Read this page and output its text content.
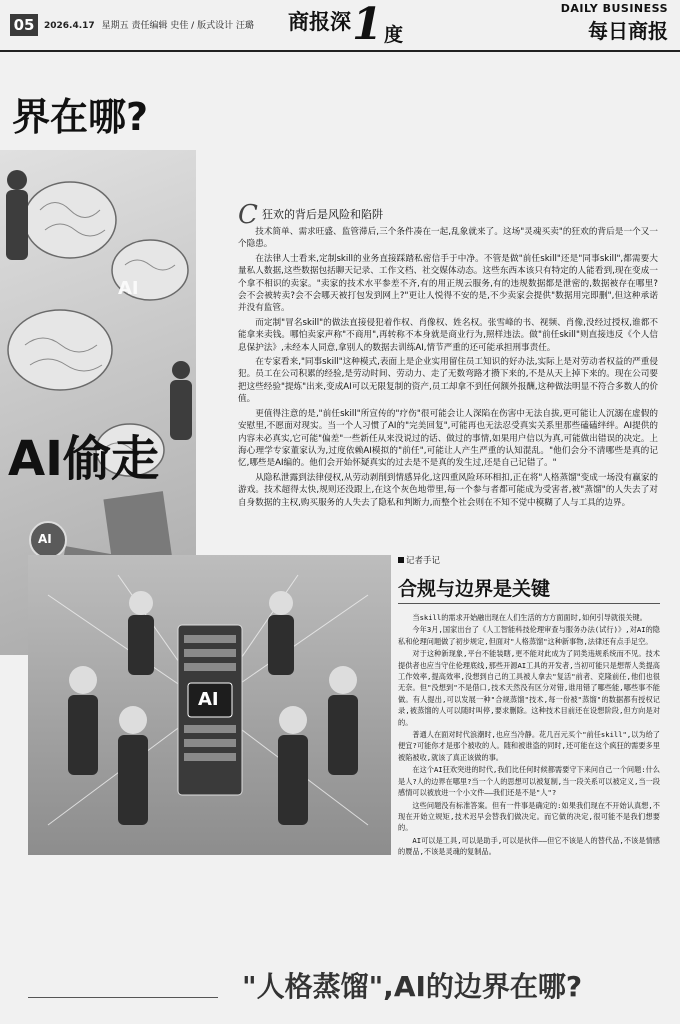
05	2026.4.17 星期五 责任编辑 史佳 / 版式设计 汪璐 商报深 1 度
DAILY BUSINESS
每日商报
界在哪?
AI
AI
AI偷走
AI
C 狂欢的背后是风险和陷阱

技术简单、需求旺盛、监管滞后,三个条件凑在一起,乱象就来了。这场"灵魂买卖"的狂欢的背后是一个又一个隐患。

在法律人士看来,定制skill的业务直接踩踏私密信手于中净。不管是做"前任skill"还是"同事skill",都需要大量私人数据,这些数据包括聊天记录、工作文档、社交媒体动态。这些东西本该只有特定的人能看到,现在变成一个拿不相识的卖家。"卖家的技术水平参差不齐,有的用正规云服务,有的违规数据都是泄密的,数据被存在哪里?会不会被转卖?会不会哪天被打包发到网上?"更让人悦得不安的是,不少卖家会提供"数据用完即删",但这种承诺并没有监管。

而定制"冒名skill"的做法直接侵犯着作权、肖像权、姓名权。张雪峰的书、视频、肖像,没经过授权,谁都不能拿来卖钱。哪怕卖家声称"不商用",再转称不本身就是商业行为,照样违法。做"前任skill"则直接违反《个人信息保护法》,未经本人同意,拿别人的数据去训练AI,情节严重的还可能承担刑事责任。

在专家看来,"同事skill"这种模式,表面上是企业实用留住员工知识的好办法,实际上是对劳动者权益的严重侵犯。员工在公司积累的经验,是劳动时间、劳动力、走了无数弯路才攒下来的,不是从天上掉下来的。现在公司要把这些经验"提炼"出来,变成AI可以无限复制的资产,员工却拿不到任何额外报酬,这种做法明显不符合多数人的价值。

更值得注意的是,"前任skill"所宣传的"疗伤"很可能会让人深陷在伤害中无法自拔,更可能让人沉溺在虚假的安慰里,不愿面对现实。当一个人习惯了AI的"完美回复",可能再也无法忍受真实关系里那些磕磕绊绊。AI提供的内容未必真实,它可能"偏差"一些新任从来没说过的话、做过的事情,如果用户信以为真,可能做出错误的决定。上海心理学专家董家认为,过度依赖AI模拟的"前任",可能让人产生严重的认知混乱。"他们会分不清哪些是真的记忆,哪些是AI编的。他们会开始怀疑真实的过去是不是真的发生过,还是自己记错了。"

从隐私泄露到法律侵权,从劳动剥削到情感异化,这四重风险环环相扣,正在将"人格蒸馏"变成一场没有赢家的游戏。技术超得太快,规则还没跟上,在这个灰色地带里,每一个参与者都可能成为受害者,被"蒸馏"的人失去了对自身数据的主权,购买服务的人失去了隐私和判断力,而整个社会则在不知不觉中模糊了人与工具的边界。

记者手记
合规与边界是关键

当skill的需求开始融出现在人们生活的方方面面时,如何引导就很关键。

今年3月,国家出台了《人工智能科技伦理审查与服务办法(试行)》,对AI的隐私和伦理问题做了初步规定,但面对"人格蒸馏"这种新事物,法律还有点手足空。

对于这种新现象,平台不能装瞎,更不能对此成为了同类违规系统而不见。技术提供者也应当守住伦理底线,那些开源AI工具的开发者,当初可能只是想帮人类提高工作效率,提高效率,没想到自己的工具被人拿去"复活"前者、克隆前任,他们也很无奈。但"没想到"不是借口,技术天然没有区分对错,谁用错了哪些能,哪些事不能做。有人提出,可以发展一种"合规蒸馏"技术,每一份被"蒸馏"的数据都有授权记录,被蒸馏的人可以随时叫停,要求删除。这种技术目前还在设想阶段,但方向是对的。

普通人在面对时代浪潮时,也应当冷静。花几百元买个"前任skill",以为给了便宜?可能你才是那个被收的人。随和被谁盗的同时,还可能在这个疯狂的需要多里被陷被收,就该了真正该做的事。

在这个AI狂欢突进的时代,我们比任何时候都需要守下来问自己一个问题:什么是人?人的边界在哪里?当一个人的思想可以被复制,当一段关系可以被定义,当一段感情可以被放进一个小文件——我们还是不是"人"?

这些问题没有标准答案。但有一件事是确定的:如果我们现在不开始认真想,不现在开始立规矩,技术迟早会替我们做决定。而它做的决定,很可能不是我们想要的。

AI可以是工具,可以是助手,可以是伙伴——但它不该是人的替代品,不该是情感的赝品,不该是灵魂的复制品。

"人格蒸馏",AI的边界在哪?
